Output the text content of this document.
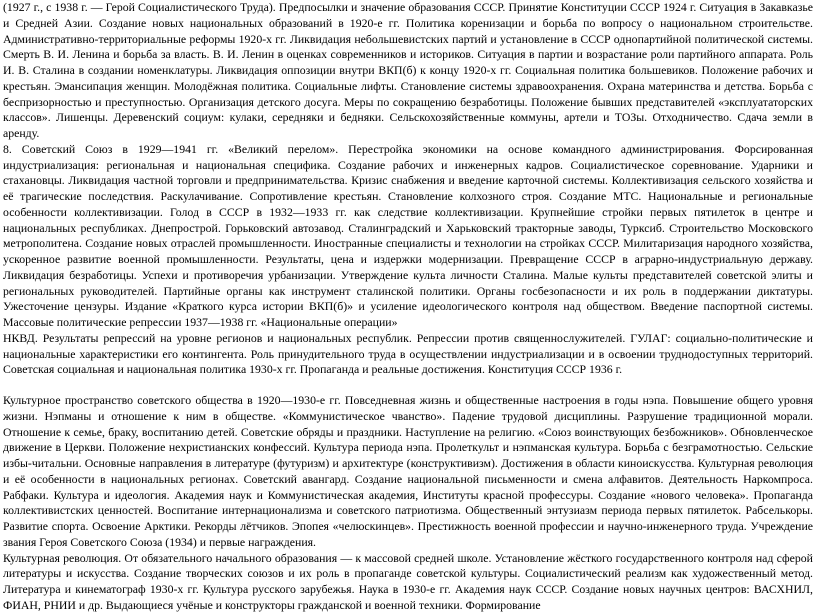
(1927 г., с 1938 г. — Герой Социалистического Труда). Предпосылки и значение образования СССР. Принятие Конституции СССР 1924 г. Ситуация в Закавказье и Средней Азии. Создание новых национальных образований в 1920-е гг. Политика коренизации и борьба по вопросу о национальном строительстве. Административно-территориальные реформы 1920-х гг. Ликвидация небольшевистских партий и установление в СССР однопартийной политической системы. Смерть В. И. Ленина и борьба за власть. В. И. Ленин в оценках современников и историков. Ситуация в партии и возрастание роли партийного аппарата. Роль И. В. Сталина в создании номенклатуры. Ликвидация оппозиции внутри ВКП(б) к концу 1920-х гг. Социальная политика большевиков. Положение рабочих и крестьян. Эмансипация женщин. Молодёжная политика. Социальные лифты. Становление системы здравоохранения. Охрана материнства и детства. Борьба с беспризорностью и преступностью. Организация детского досуга. Меры по сокращению безработицы. Положение бывших представителей «эксплуататорских классов». Лишенцы. Деревенский социум: кулаки, середняки и бедняки. Сельскохозяйственные коммуны, артели и ТОЗы. Отходничество. Сдача земли в аренду.

8. Советский Союз в 1929—1941 гг. «Великий перелом». Перестройка экономики на основе командного администрирования. Форсированная индустриализация: региональная и национальная специфика. Создание рабочих и инженерных кадров. Социалистическое соревнование. Ударники и стахановцы. Ликвидация частной торговли и предпринимательства. Кризис снабжения и введение карточной системы. Коллективизация сельского хозяйства и её трагические последствия. Раскулачивание. Сопротивление крестьян. Становление колхозного строя. Создание МТС. Национальные и региональные особенности коллективизации. Голод в СССР в 1932—1933 гг. как следствие коллективизации. Крупнейшие стройки первых пятилеток в центре и национальных республиках. Днепрострой. Горьковский автозавод. Сталинградский и Харьковский тракторные заводы, Турксиб. Строительство Московского метрополитена. Создание новых отраслей промышленности. Иностранные специалисты и технологии на стройках СССР. Милитаризация народного хозяйства, ускоренное развитие военной промышленности. Результаты, цена и издержки модернизации. Превращение СССР в аграрно-индустриальную державу. Ликвидация безработицы. Успехи и противоречия урбанизации. Утверждение культа личности Сталина. Малые культы представителей советской элиты и региональных руководителей. Партийные органы как инструмент сталинской политики. Органы госбезопасности и их роль в поддержании диктатуры. Ужесточение цензуры. Издание «Краткого курса истории ВКП(б)» и усиление идеологического контроля над обществом. Введение паспортной системы. Массовые политические репрессии 1937—1938 гг. «Национальные операции»

НКВД. Результаты репрессий на уровне регионов и национальных республик. Репрессии против священнослужителей. ГУЛАГ: социально-политические и национальные характеристики его контингента. Роль принудительного труда в осуществлении индустриализации и в освоении труднодоступных территорий. Советская социальная и национальная политика 1930-х гг. Пропаганда и реальные достижения. Конституция СССР 1936 г.

Культурное пространство советского общества в 1920—1930-е гг. Повседневная жизнь и общественные настроения в годы нэпа. Повышение общего уровня жизни. Нэпманы и отношение к ним в обществе. «Коммунистическое чванство». Падение трудовой дисциплины. Разрушение традиционной морали. Отношение к семье, браку, воспитанию детей. Советские обряды и праздники. Наступление на религию. «Союз воинствующих безбожников». Обновленческое движение в Церкви. Положение нехристианских конфессий. Культура периода нэпа. Пролеткульт и нэпманская культура. Борьба с безграмотностью. Сельские избы-читальни. Основные направления в литературе (футуризм) и архитектуре (конструктивизм). Достижения в области киноискусства. Культурная революция и её особенности в национальных регионах. Советский авангард. Создание национальной письменности и смена алфавитов. Деятельность Наркомпроса. Рабфаки. Культура и идеология. Академия наук и Коммунистическая академия, Институты красной профессуры. Создание «нового человека». Пропаганда коллективистских ценностей. Воспитание интернационализма и советского патриотизма. Общественный энтузиазм периода первых пятилеток. Рабселькоры. Развитие спорта. Освоение Арктики. Рекорды лётчиков. Эпопея «челюскинцев». Престижность военной профессии и научно-инженерного труда. Учреждение звания Героя Советского Союза (1934) и первые награждения.

Культурная революция. От обязательного начального образования — к массовой средней школе. Установление жёсткого государственного контроля над сферой литературы и искусства. Создание творческих союзов и их роль в пропаганде советской культуры. Социалистический реализм как художественный метод. Литература и кинематограф 1930-х гг. Культура русского зарубежья. Наука в 1930-е гг. Академия наук СССР. Создание новых научных центров: ВАСХНИЛ, ФИАН, РНИИ и др. Выдающиеся учёные и конструкторы гражданской и военной техники. Формирование
